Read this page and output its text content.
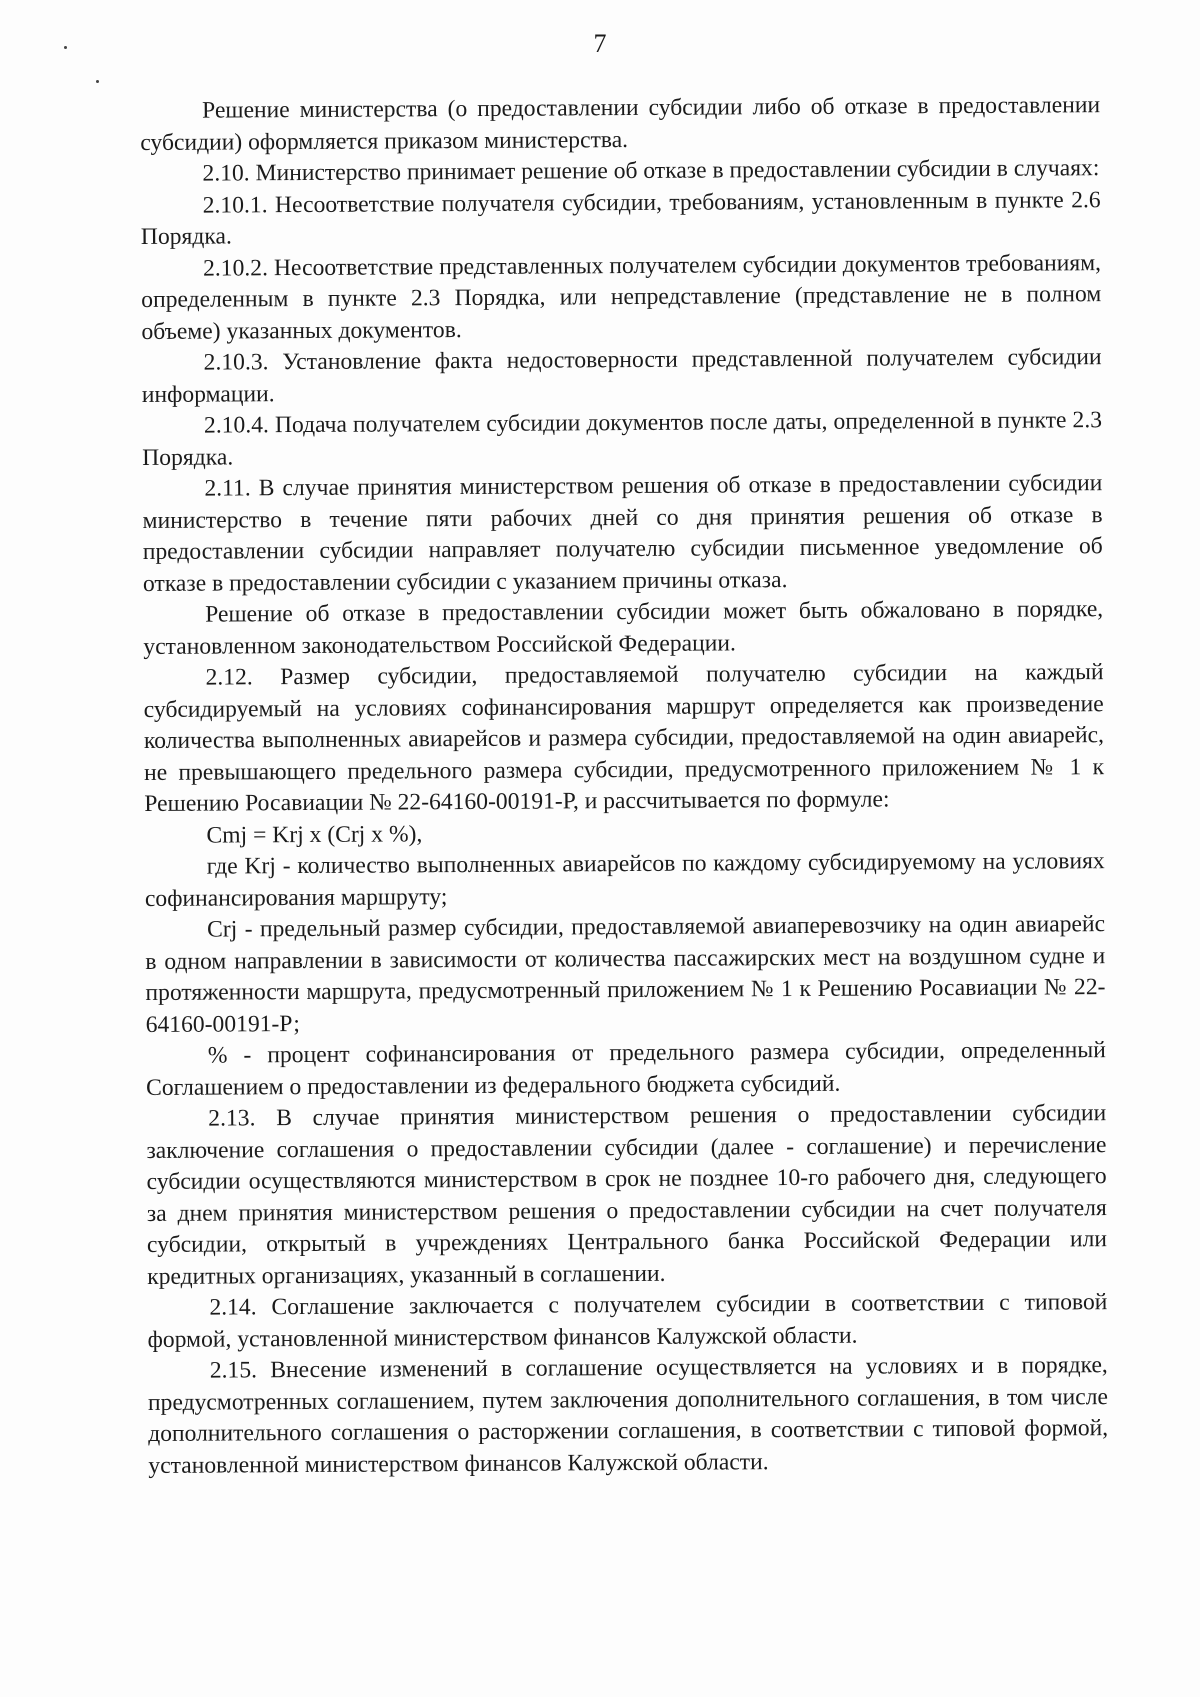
7

Решение министерства (о предоставлении субсидии либо об отказе в предоставлении субсидии) оформляется приказом министерства.

2.10. Министерство принимает решение об отказе в предоставлении субсидии в случаях:

2.10.1. Несоответствие получателя субсидии, требованиям, установленным в пункте 2.6 Порядка.

2.10.2. Несоответствие представленных получателем субсидии документов требованиям, определенным в пункте 2.3 Порядка, или непредставление (представление не в полном объеме) указанных документов.

2.10.3. Установление факта недостоверности представленной получателем субсидии информации.

2.10.4. Подача получателем субсидии документов после даты, определенной в пункте 2.3 Порядка.

2.11. В случае принятия министерством решения об отказе в предоставлении субсидии министерство в течение пяти рабочих дней со дня принятия решения об отказе в предоставлении субсидии направляет получателю субсидии письменное уведомление об отказе в предоставлении субсидии с указанием причины отказа.

Решение об отказе в предоставлении субсидии может быть обжаловано в порядке, установленном законодательством Российской Федерации.

2.12. Размер субсидии, предоставляемой получателю субсидии на каждый субсидируемый на условиях софинансирования маршрут определяется как произведение количества выполненных авиарейсов и размера субсидии, предоставляемой на один авиарейс, не превышающего предельного размера субсидии, предусмотренного приложением № 1 к Решению Росавиации № 22-64160-00191-Р, и рассчитывается по формуле:

Cmj = Krj x (Crj x %),

где Krj - количество выполненных авиарейсов по каждому субсидируемому на условиях софинансирования маршруту;

Crj - предельный размер субсидии, предоставляемой авиаперевозчику на один авиарейс в одном направлении в зависимости от количества пассажирских мест на воздушном судне и протяженности маршрута, предусмотренный приложением № 1 к Решению Росавиации № 22-64160-00191-Р;

% - процент софинансирования от предельного размера субсидии, определенный Соглашением о предоставлении из федерального бюджета субсидий.

2.13. В случае принятия министерством решения о предоставлении субсидии заключение соглашения о предоставлении субсидии (далее - соглашение) и перечисление субсидии осуществляются министерством в срок не позднее 10-го рабочего дня, следующего за днем принятия министерством решения о предоставлении субсидии на счет получателя субсидии, открытый в учреждениях Центрального банка Российской Федерации или кредитных организациях, указанный в соглашении.

2.14. Соглашение заключается с получателем субсидии в соответствии с типовой формой, установленной министерством финансов Калужской области.

2.15. Внесение изменений в соглашение осуществляется на условиях и в порядке, предусмотренных соглашением, путем заключения дополнительного соглашения, в том числе дополнительного соглашения о расторжении соглашения, в соответствии с типовой формой, установленной министерством финансов Калужской области.
